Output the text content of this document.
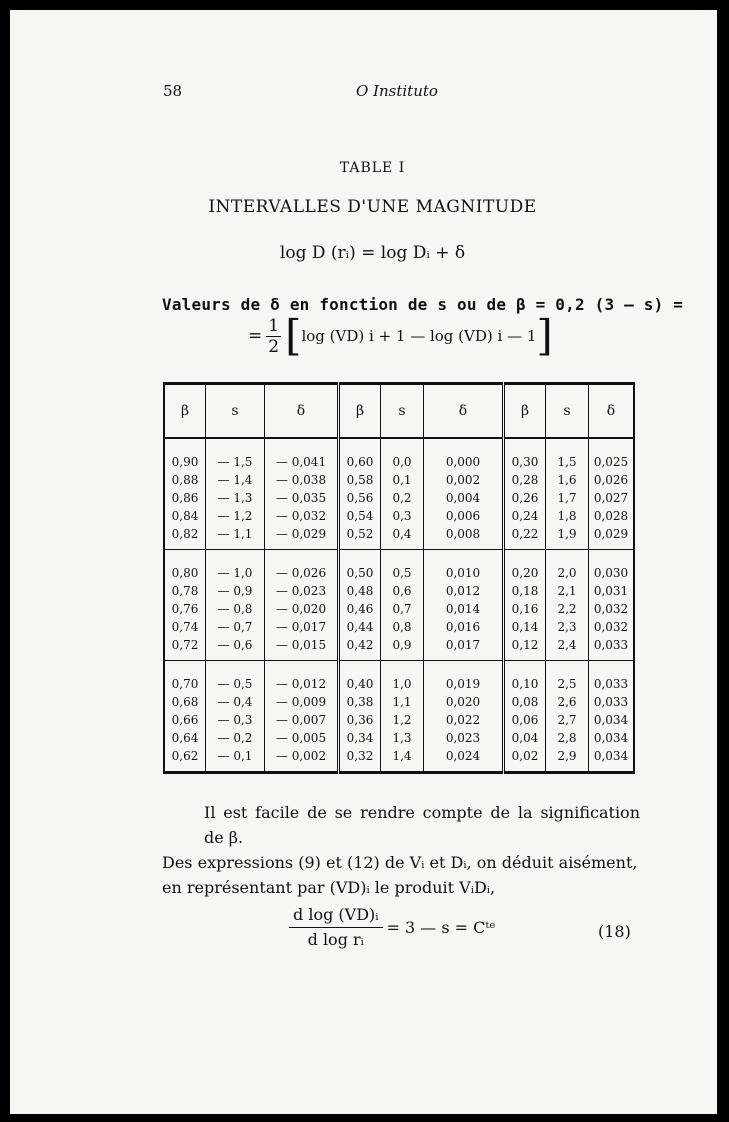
58	O Instituto
TABLE I
INTERVALLES D'UNE MAGNITUDE
log D (rᵢ) = log Dᵢ + δ
Valeurs de δ en fonction de s ou de β = 0,2 (3 — s) =
= $\frac{1}{2}$ [ log (VD) i + 1 — log (VD) i — 1 ]
β	s	δ	β	s	δ	β	s	δ

0,90	— 1,5	— 0,041	0,60	0,0	0,000	0,30	1,5	0,025
0,88	— 1,4	— 0,038	0,58	0,1	0,002	0,28	1,6	0,026
0,86	— 1,3	— 0,035	0,56	0,2	0,004	0,26	1,7	0,027
0,84	— 1,2	— 0,032	0,54	0,3	0,006	0,24	1,8	0,028
0,82	— 1,1	— 0,029	0,52	0,4	0,008	0,22	1,9	0,029

0,80	— 1,0	— 0,026	0,50	0,5	0,010	0,20	2,0	0,030
0,78	— 0,9	— 0,023	0,48	0,6	0,012	0,18	2,1	0,031
0,76	— 0,8	— 0,020	0,46	0,7	0,014	0,16	2,2	0,032
0,74	— 0,7	— 0,017	0,44	0,8	0,016	0,14	2,3	0,032
0,72	— 0,6	— 0,015	0,42	0,9	0,017	0,12	2,4	0,033

0,70	— 0,5	— 0,012	0,40	1,0	0,019	0,10	2,5	0,033
0,68	— 0,4	— 0,009	0,38	1,1	0,020	0,08	2,6	0,033
0,66	— 0,3	— 0,007	0,36	1,2	0,022	0,06	2,7	0,034
0,64	— 0,2	— 0,005	0,34	1,3	0,023	0,04	2,8	0,034
0,62	— 0,1	— 0,002	0,32	1,4	0,024	0,02	2,9	0,034

Il est facile de se rendre compte de la signification de β.
Des expressions (9) et (12) de Vᵢ et Dᵢ, on déduit aisément,
en représentant par (VD)ᵢ le produit VᵢDᵢ,
$\frac{\text{d log (VD)ᵢ}}{\text{d log rᵢ}} = 3$ — s = Cᵗᵉ	(18)
